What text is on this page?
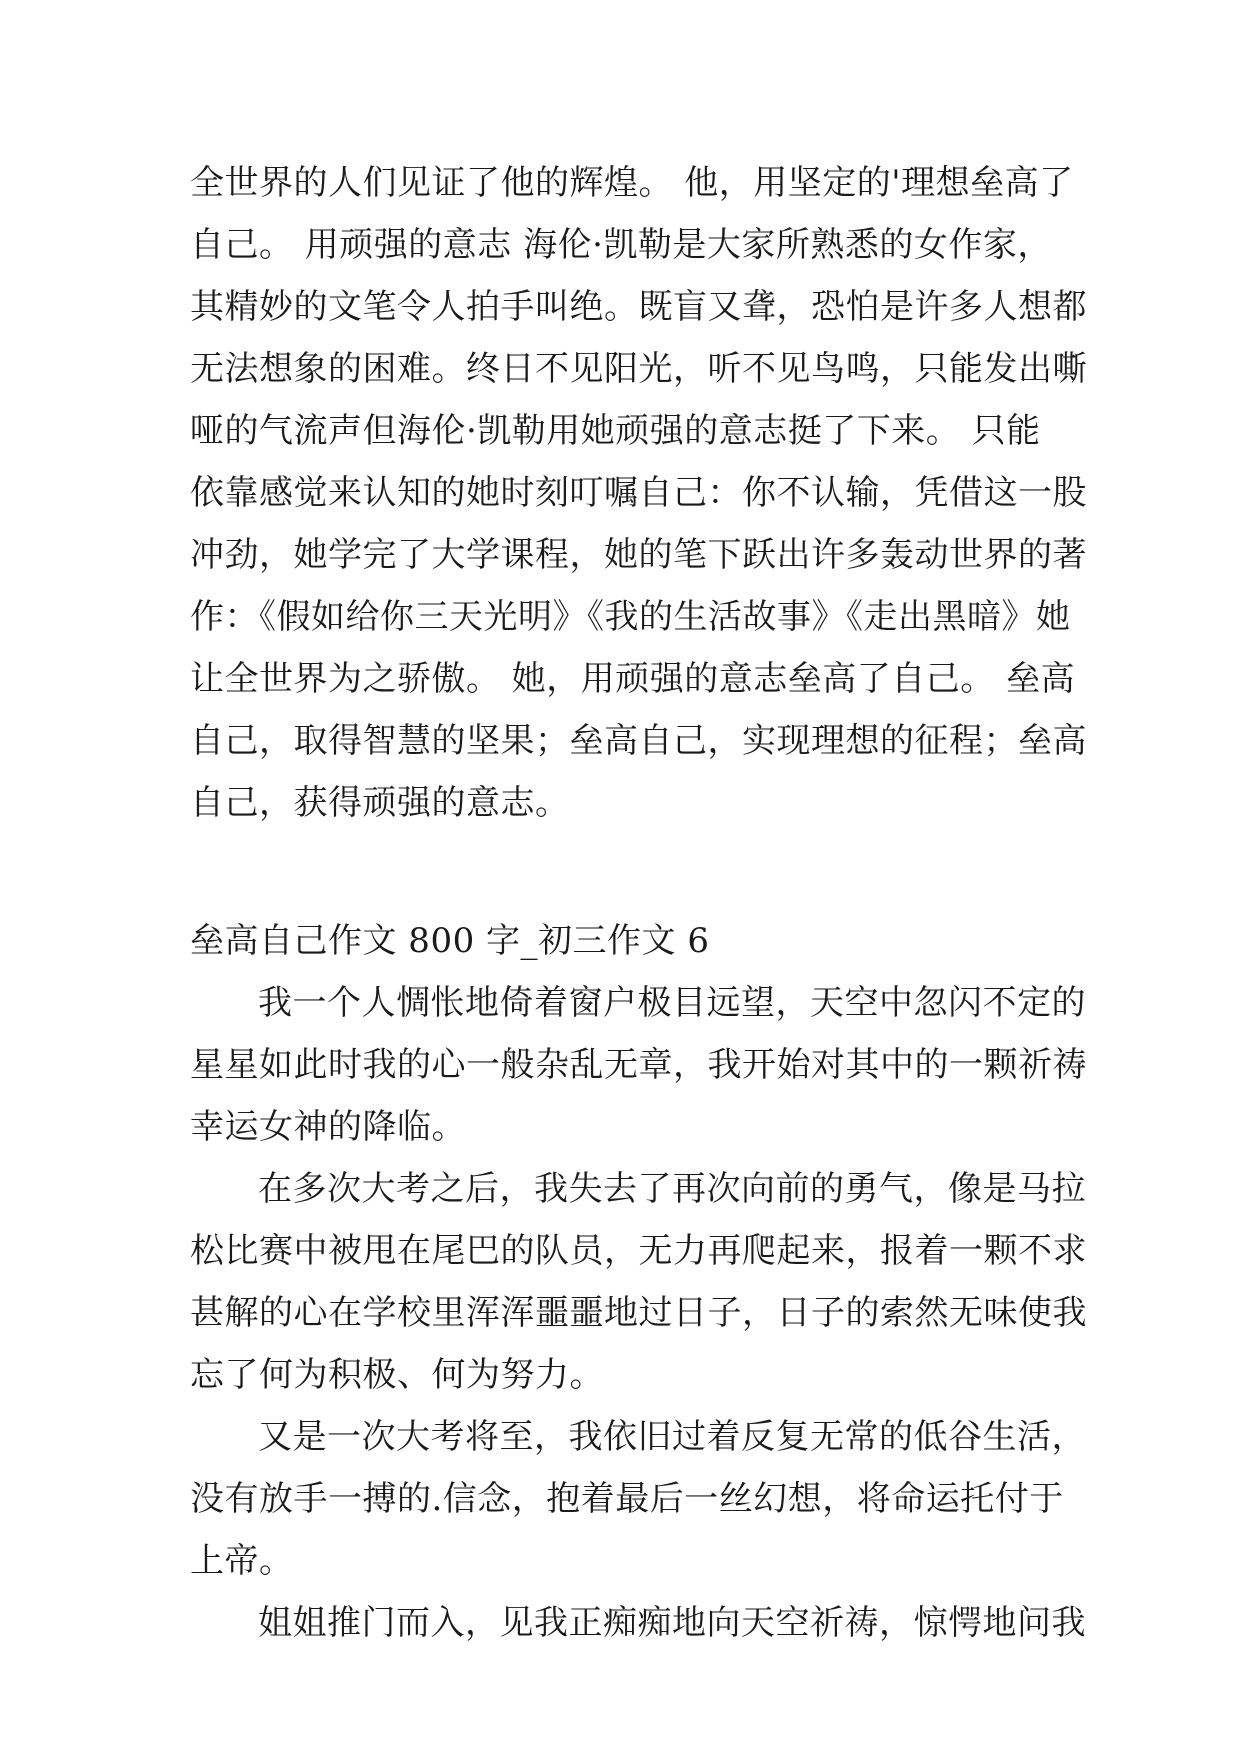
全世界的人们见证了他的辉煌。 他，用坚定的'理想垒高了
自己。 用顽强的意志 海伦·凯勒是大家所熟悉的女作家，
其精妙的文笔令人拍手叫绝。既盲又聋，恐怕是许多人想都
无法想象的困难。终日不见阳光，听不见鸟鸣，只能发出嘶
哑的气流声但海伦·凯勒用她顽强的意志挺了下来。 只能
依靠感觉来认知的她时刻叮嘱自己：你不认输，凭借这一股
冲劲，她学完了大学课程，她的笔下跃出许多轰动世界的著
作：《假如给你三天光明》《我的生活故事》《走出黑暗》她
让全世界为之骄傲。 她，用顽强的意志垒高了自己。 垒高
自己，取得智慧的坚果；垒高自己，实现理想的征程；垒高
自己，获得顽强的意志。
垒高自己作文 800 字_初三作文 6
我一个人惆怅地倚着窗户极目远望，天空中忽闪不定的
星星如此时我的心一般杂乱无章，我开始对其中的一颗祈祷
幸运女神的降临。
在多次大考之后，我失去了再次向前的勇气，像是马拉
松比赛中被甩在尾巴的队员，无力再爬起来，报着一颗不求
甚解的心在学校里浑浑噩噩地过日子，日子的索然无味使我
忘了何为积极、何为努力。
又是一次大考将至，我依旧过着反复无常的低谷生活，
没有放手一搏的.信念，抱着最后一丝幻想，将命运托付于
上帝。
姐姐推门而入，见我正痴痴地向天空祈祷，惊愕地问我
